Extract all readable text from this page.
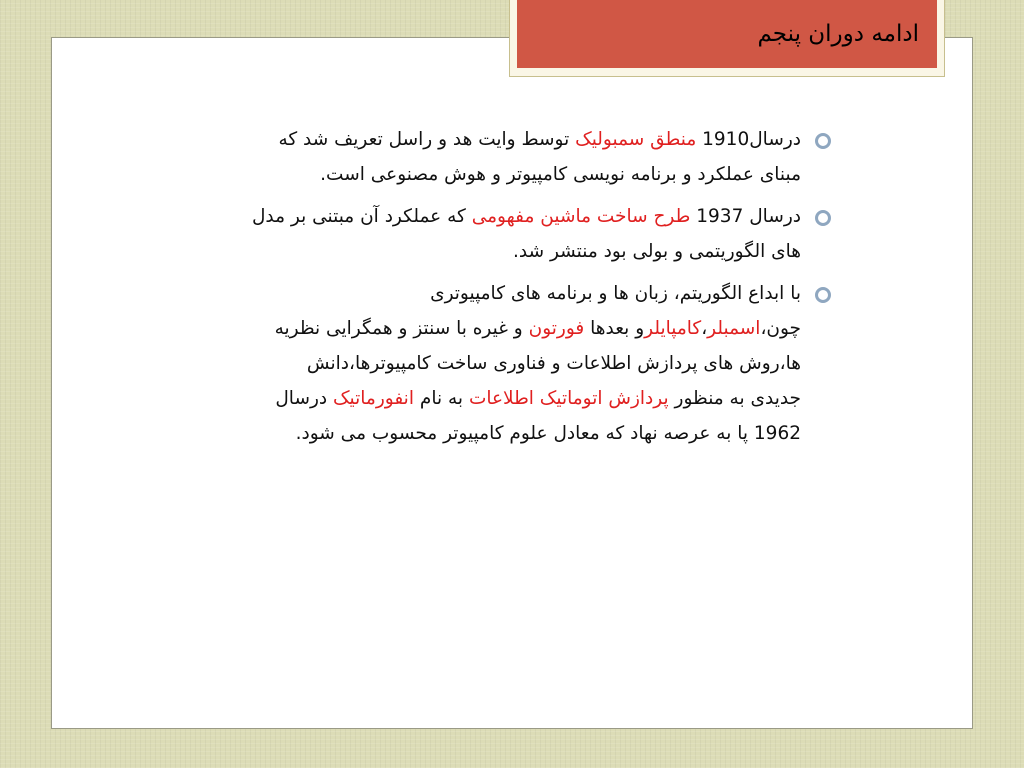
ادامه دوران پنجم
درسال1910 منطق سمبولیک توسط وایت هد و راسل تعریف شد که
مبنای عملکرد و برنامه نویسی کامپیوتر و هوش مصنوعی است.
درسال 1937 طرح ساخت ماشین مفهومی که عملکرد آن مبتنی بر مدل
های الگوریتمی و بولی بود منتشر شد.
با ابداع الگوریتم، زبان ها و برنامه های کامپیوتری
چون،اسمبلر،کامپایلرو بعدها فورتون و غیره با سنتز و همگرایی نظریه
ها،روش های پردازش اطلاعات و فناوری ساخت کامپیوترها،دانش
جدیدی به منظور پردازش اتوماتیک اطلاعات به نام انفورماتیک درسال
1962 پا به عرصه نهاد که معادل علوم کامپیوتر محسوب می شود.
